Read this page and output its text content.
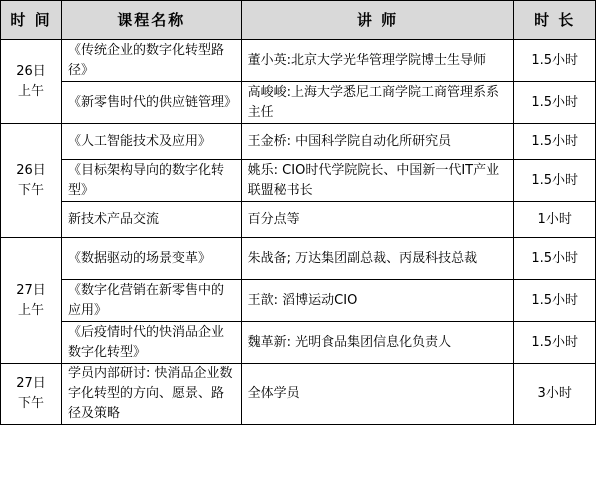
时 间	课程名称	讲 师	时 长

26日
上午	《传统企业的数字化转型路径》	董小英:北京大学光华管理学院博士生导师	1.5小时
	《新零售时代的供应链管理》	高峻峻:上海大学悉尼工商学院工商管理系系主任	1.5小时

26日
下午	《人工智能技术及应用》	王金桥: 中国科学院自动化所研究员	1.5小时
	《目标架构导向的数字化转型》	姚乐: CIO时代学院院长、中国新一代IT产业联盟秘书长	1.5小时
	新技术产品交流	百分点等	1小时

27日
上午	《数据驱动的场景变革》	朱战备; 万达集团副总裁、丙晟科技总裁	1.5小时
	《数字化营销在新零售中的应用》	王歆: 滔博运动CIO	1.5小时
	《后疫情时代的快消品企业数字化转型》	魏革新: 光明食品集团信息化负责人	1.5小时

27日
下午	学员内部研讨: 快消品企业数字化转型的方向、愿景、路径及策略	全体学员	3小时
